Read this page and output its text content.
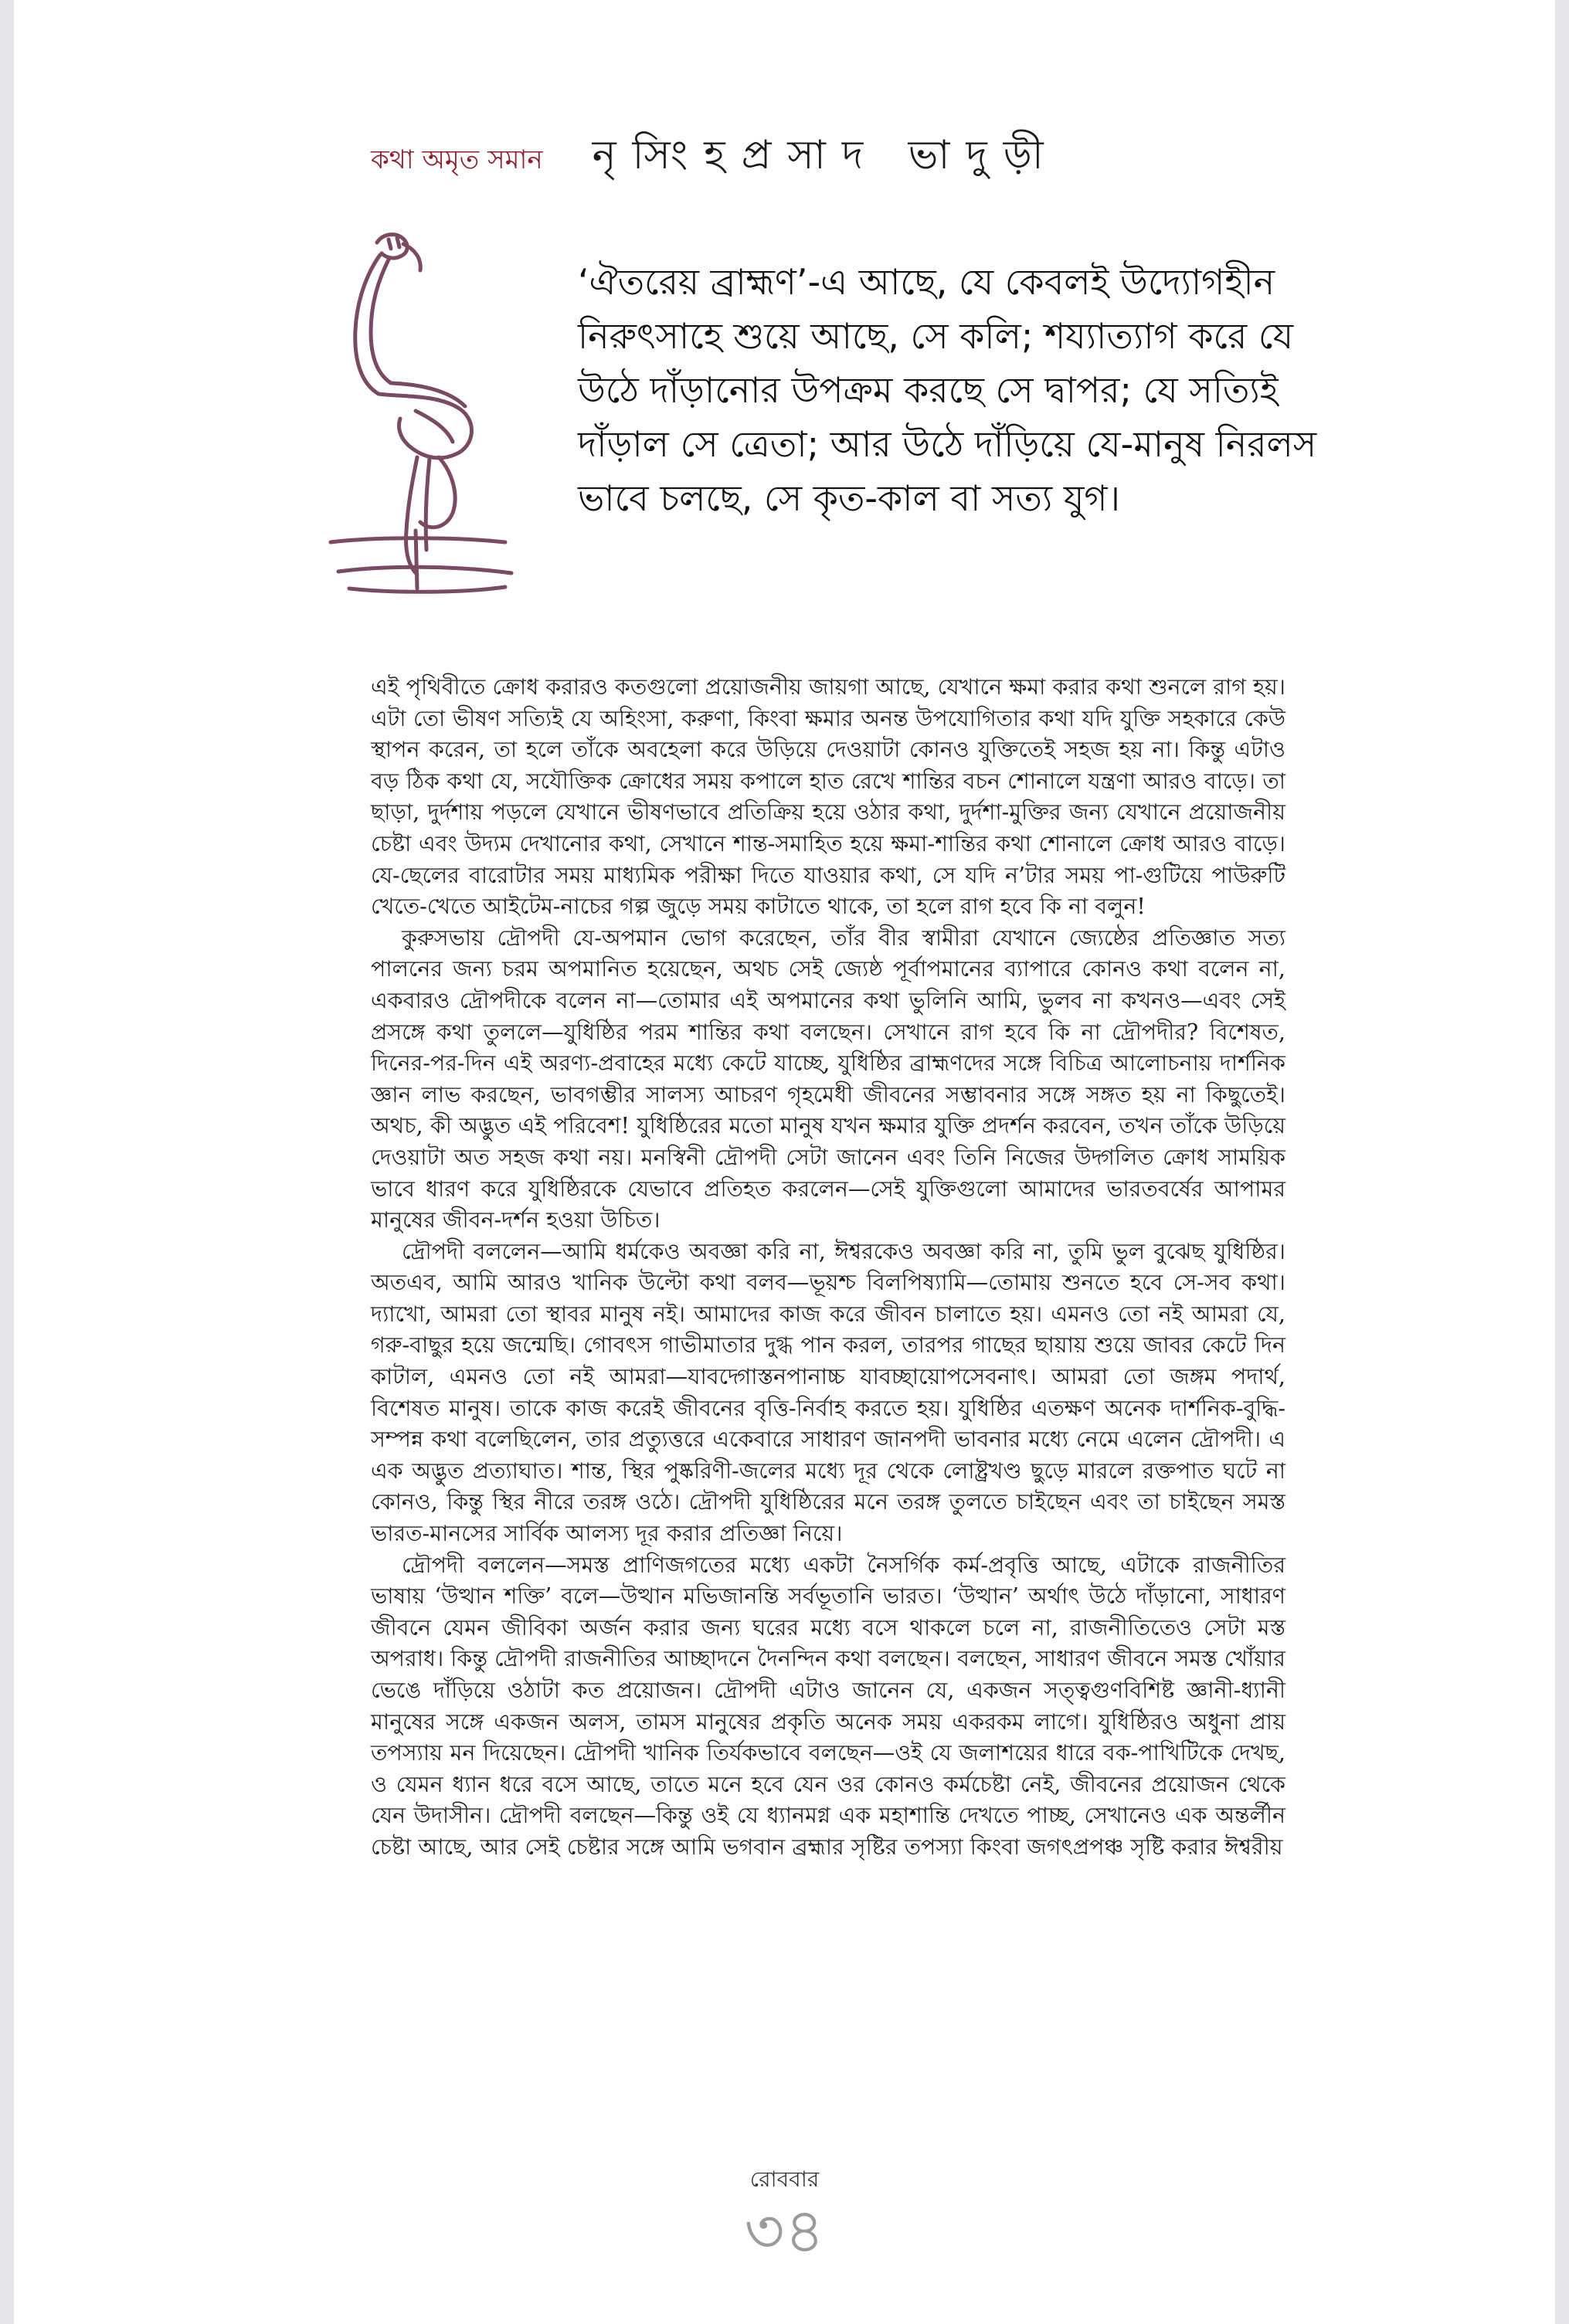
কথা অমৃত সমান নৃসিংহপ্রসাদ ভাদুড়ী

‘ঐতরেয় ব্রাহ্মণ’-এ আছে, যে কেবলই উদ্যোগহীন নিরুৎসাহে শুয়ে আছে, সে কলি; শয্যাত্যাগ করে যে উঠে দাঁড়ানোর উপক্রম করছে সে দ্বাপর; যে সত্যিই দাঁড়াল সে ত্রেতা; আর উঠে দাঁড়িয়ে যে-মানুষ নিরলস ভাবে চলছে, সে কৃত-কাল বা সত্য যুগ।

এই পৃথিবীতে ক্রোধ করারও কতগুলো প্রয়োজনীয় জায়গা আছে, যেখানে ক্ষমা করার কথা শুনলে রাগ হয়। এটা তো ভীষণ সত্যিই যে অহিংসা, করুণা, কিংবা ক্ষমার অনন্ত উপযোগিতার কথা যদি যুক্তি সহকারে কেউ স্থাপন করেন, তা হলে তাঁকে অবহেলা করে উড়িয়ে দেওয়াটা কোনও যুক্তিতেই সহজ হয় না। কিন্তু এটাও বড় ঠিক কথা যে, সযৌক্তিক ক্রোধের সময় কপালে হাত রেখে শান্তির বচন শোনালে যন্ত্রণা আরও বাড়ে। তা ছাড়া, দুর্দশায় পড়লে যেখানে ভীষণভাবে প্রতিক্রিয় হয়ে ওঠার কথা, দুর্দশা-মুক্তির জন্য যেখানে প্রয়োজনীয় চেষ্টা এবং উদ্যম দেখানোর কথা, সেখানে শান্ত-সমাহিত হয়ে ক্ষমা-শান্তির কথা শোনালে ক্রোধ আরও বাড়ে। যে-ছেলের বারোটার সময় মাধ্যমিক পরীক্ষা দিতে যাওয়ার কথা, সে যদি ন’টার সময় পা-গুটিয়ে পাউরুটি খেতে-খেতে আইটেম-নাচের গল্প জুড়ে সময় কাটাতে থাকে, তা হলে রাগ হবে কি না বলুন!

কুরুসভায় দ্রৌপদী যে-অপমান ভোগ করেছেন, তাঁর বীর স্বামীরা যেখানে জ্যেষ্ঠের প্রতিজ্ঞাত সত্য পালনের জন্য চরম অপমানিত হয়েছেন, অথচ সেই জ্যেষ্ঠ পূর্বাপমানের ব্যাপারে কোনও কথা বলেন না, একবারও দ্রৌপদীকে বলেন না—তোমার এই অপমানের কথা ভুলিনি আমি, ভুলব না কখনও—এবং সেই প্রসঙ্গে কথা তুললে—যুধিষ্ঠির পরম শান্তির কথা বলছেন। সেখানে রাগ হবে কি না দ্রৌপদীর? বিশেষত, দিনের-পর-দিন এই অরণ্য-প্রবাহের মধ্যে কেটে যাচ্ছে, যুধিষ্ঠির ব্রাহ্মণদের সঙ্গে বিচিত্র আলোচনায় দার্শনিক জ্ঞান লাভ করছেন, ভাবগম্ভীর সালস্য আচরণ গৃহমেধী জীবনের সম্ভাবনার সঙ্গে সঙ্গত হয় না কিছুতেই। অথচ, কী অদ্ভুত এই পরিবেশ! যুধিষ্ঠিরের মতো মানুষ যখন ক্ষমার যুক্তি প্রদর্শন করবেন, তখন তাঁকে উড়িয়ে দেওয়াটা অত সহজ কথা নয়। মনস্বিনী দ্রৌপদী সেটা জানেন এবং তিনি নিজের উদ্গলিত ক্রোধ সাময়িক ভাবে ধারণ করে যুধিষ্ঠিরকে যেভাবে প্রতিহত করলেন—সেই যুক্তিগুলো আমাদের ভারতবর্ষের আপামর মানুষের জীবন-দর্শন হওয়া উচিত।

দ্রৌপদী বললেন—আমি ধর্মকেও অবজ্ঞা করি না, ঈশ্বরকেও অবজ্ঞা করি না, তুমি ভুল বুঝেছ যুধিষ্ঠির। অতএব, আমি আরও খানিক উল্টো কথা বলব—ভূয়শ্চ বিলপিষ্যামি—তোমায় শুনতে হবে সে-সব কথা। দ্যাখো, আমরা তো স্থাবর মানুষ নই। আমাদের কাজ করে জীবন চালাতে হয়। এমনও তো নই আমরা যে, গরু-বাছুর হয়ে জন্মেছি। গোবৎস গাভীমাতার দুগ্ধ পান করল, তারপর গাছের ছায়ায় শুয়ে জাবর কেটে দিন কাটাল, এমনও তো নই আমরা—যাবদ্গোস্তনপানাচ্চ যাবচ্ছায়োপসেবনাৎ। আমরা তো জঙ্গম পদার্থ, বিশেষত মানুষ। তাকে কাজ করেই জীবনের বৃত্তি-নির্বাহ করতে হয়। যুধিষ্ঠির এতক্ষণ অনেক দার্শনিক-বুদ্ধি-সম্পন্ন কথা বলেছিলেন, তার প্রত্যুত্তরে একেবারে সাধারণ জানপদী ভাবনার মধ্যে নেমে এলেন দ্রৌপদী। এ এক অদ্ভুত প্রত্যাঘাত। শান্ত, স্থির পুষ্করিণী-জলের মধ্যে দূর থেকে লোষ্ট্রখণ্ড ছুড়ে মারলে রক্তপাত ঘটে না কোনও, কিন্তু স্থির নীরে তরঙ্গ ওঠে। দ্রৌপদী যুধিষ্ঠিরের মনে তরঙ্গ তুলতে চাইছেন এবং তা চাইছেন সমস্ত ভারত-মানসের সার্বিক আলস্য দূর করার প্রতিজ্ঞা নিয়ে।

দ্রৌপদী বললেন—সমস্ত প্রাণিজগতের মধ্যে একটা নৈসর্গিক কর্ম-প্রবৃত্তি আছে, এটাকে রাজনীতির ভাষায় ‘উত্থান শক্তি’ বলে—উত্থান মভিজানন্তি সর্বভূতানি ভারত। ‘উত্থান’ অর্থাৎ উঠে দাঁড়ানো, সাধারণ জীবনে যেমন জীবিকা অর্জন করার জন্য ঘরের মধ্যে বসে থাকলে চলে না, রাজনীতিতেও সেটা মস্ত অপরাধ। কিন্তু দ্রৌপদী রাজনীতির আচ্ছাদনে দৈনন্দিন কথা বলছেন। বলছেন, সাধারণ জীবনে সমস্ত খোঁয়ার ভেঙে দাঁড়িয়ে ওঠাটা কত প্রয়োজন। দ্রৌপদী এটাও জানেন যে, একজন সত্ত্বগুণবিশিষ্ট জ্ঞানী-ধ্যানী মানুষের সঙ্গে একজন অলস, তামস মানুষের প্রকৃতি অনেক সময় একরকম লাগে। যুধিষ্ঠিরও অধুনা প্রায় তপস্যায় মন দিয়েছেন। দ্রৌপদী খানিক তির্যকভাবে বলছেন—ওই যে জলাশয়ের ধারে বক-পাখিটিকে দেখছ, ও যেমন ধ্যান ধরে বসে আছে, তাতে মনে হবে যেন ওর কোনও কর্মচেষ্টা নেই, জীবনের প্রয়োজন থেকে যেন উদাসীন। দ্রৌপদী বলছেন—কিন্তু ওই যে ধ্যানমগ্ন এক মহাশান্তি দেখতে পাচ্ছ, সেখানেও এক অন্তর্লীন চেষ্টা আছে, আর সেই চেষ্টার সঙ্গে আমি ভগবান ব্রহ্মার সৃষ্টির তপস্যা কিংবা জগৎপ্রপঞ্চ সৃষ্টি করার ঈশ্বরীয়

রোববার
৩৪
